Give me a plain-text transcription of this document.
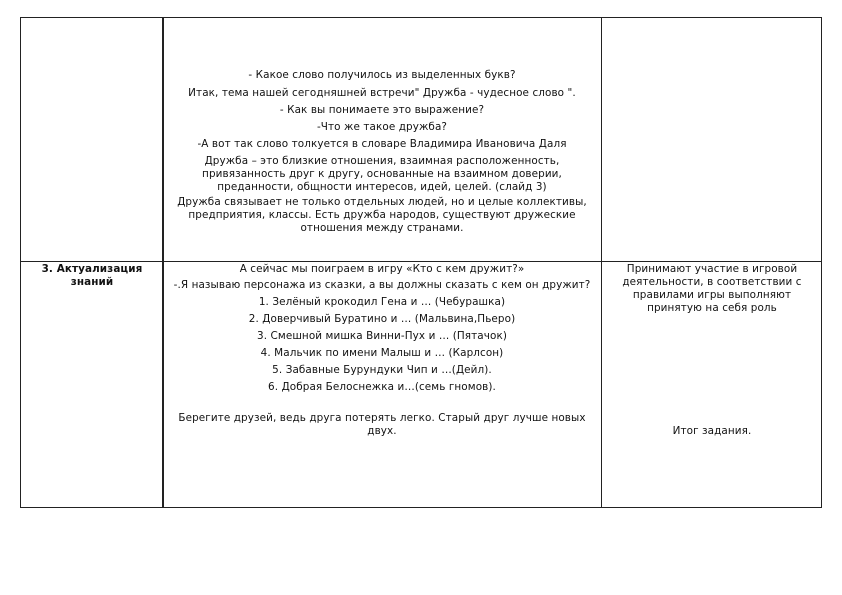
- Какое слово получилось из выделенных букв?

Итак, тема нашей сегодняшней встречи" Дружба - чудесное слово ".

- Как вы понимаете это выражение?

-Что же такое дружба?

-А вот так слово толкуется в словаре Владимира Ивановича Даля

Дружба – это близкие отношения, взаимная расположенность, привязанность друг к другу, основанные на взаимном доверии, преданности, общности интересов, идей, целей. (слайд 3)

Дружба связывает не только отдельных людей, но и целые коллективы, предприятия, классы. Есть дружба народов, существуют дружеские отношения между странами.

3. Актуализация знаний

А сейчас мы поиграем в игру «Кто с кем дружит?»

-.Я называю персонажа из сказки, а вы должны сказать с кем он дружит?

1. Зелёный крокодил Гена и … (Чебурашка)

2. Доверчивый Буратино и … (Мальвина,Пьеро)

3. Смешной мишка Винни-Пух и … (Пятачок)

4. Мальчик по имени Малыш и … (Карлсон)

5. Забавные Бурундуки Чип и …(Дейл).

6. Добрая Белоснежка и…(семь гномов).

Берегите друзей, ведь друга потерять легко. Старый друг лучше новых двух.

Принимают участие в игровой деятельности, в соответствии с правилами игры выполняют принятую на себя роль
Итог задания.
